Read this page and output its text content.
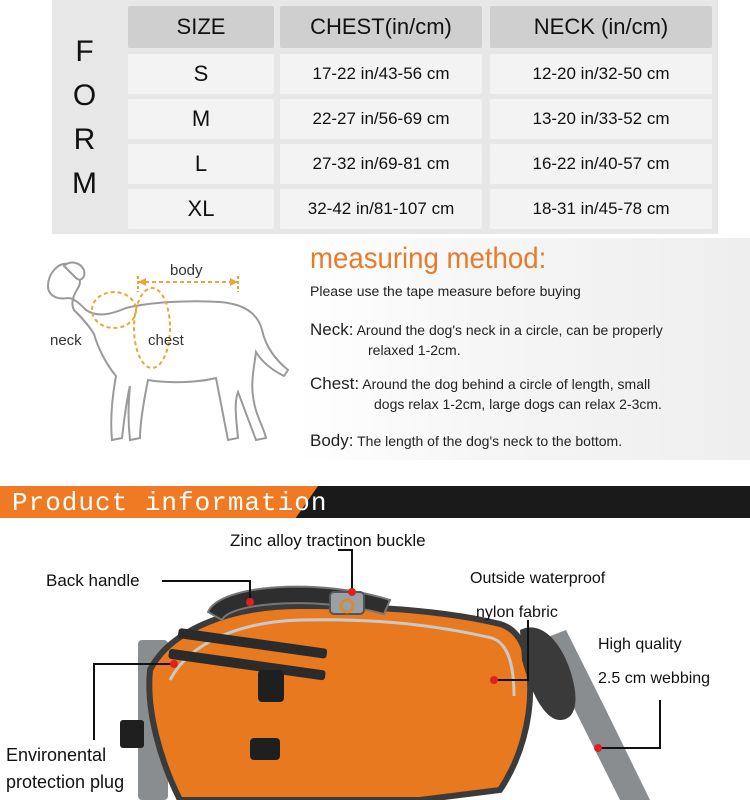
F
O
R
M
SIZE	CHEST(in/cm)	NECK (in/cm)
S	17-22 in/43-56 cm	12-20 in/32-50 cm
M	22-27 in/56-69 cm	13-20 in/33-52 cm
L	27-32 in/69-81 cm	16-22 in/40-57 cm
XL	32-42 in/81-107 cm	18-31 in/45-78 cm
body
neck	chest
measuring method:
Please use the tape measure before buying
Neck: Around the dog's neck in a circle, can be properly
relaxed 1-2cm.
Chest: Around the dog behind a circle of length, small
dogs relax 1-2cm, large dogs can relax 2-3cm.
Body: The length of the dog's neck to the bottom.
Product information
Zinc alloy tractinon buckle
Back handle	Outside waterproof
nylon fabric
High quality
2.5 cm webbing
Environental
protection plug
